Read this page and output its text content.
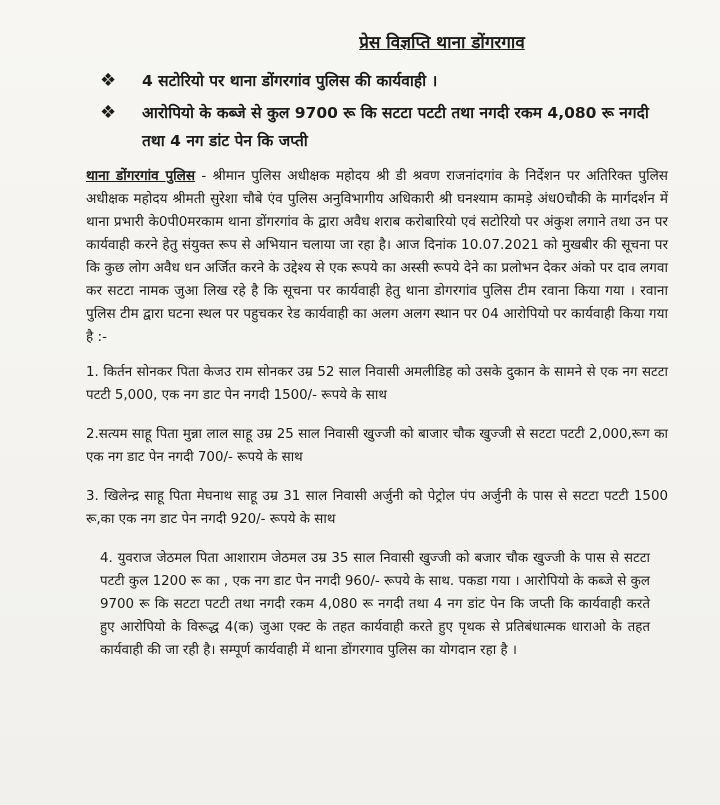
प्रेस विज्ञप्ति थाना डोंगरगाव
❖ 4 सटोरियो पर थाना डोंगरगांव पुलिस की कार्यवाही ।
❖ आरोपियो के कब्जे से कुल 9700 रू कि सटटा पटटी तथा नगदी रकम 4,080 रू नगदी तथा 4 नग डांट पेन कि जप्ती

थाना डोंगरगांव पुलिस - श्रीमान पुलिस अधीक्षक महोदय श्री डी श्रवण राजनांदगांव के निर्देशन पर अतिरिक्त पुलिस अधीक्षक महोदय श्रीमती सुरेशा चौबे एंव पुलिस अनुविभागीय अधिकारी श्री घनश्याम कामड़े अंध0चौकी के मार्गदर्शन में थाना प्रभारी के0पी0मरकाम थाना डोंगरगांव के द्वारा अवैध शराब करोबारियो एवं सटोरियो पर अंकुश लगाने तथा उन पर कार्यवाही करने हेतु संयुक्त रूप से अभियान चलाया जा रहा है। आज दिनांक 10.07.2021 को मुखबीर की सूचना पर कि कुछ लोग अवैध धन अर्जित करने के उद्देश्य से एक रूपये का अस्सी रूपये देने का प्रलोभन देकर अंको पर दाव लगवा कर सटटा नामक जुआ लिख रहे है कि सूचना पर कार्यवाही हेतु थाना डोगरगांव पुलिस टीम रवाना किया गया । रवाना पुलिस टीम द्वारा घटना स्थल पर पहुचकर रेड कार्यवाही का अलग अलग स्थान पर 04 आरोपियो पर कार्यवाही किया गया है :-

1. किर्तन सोनकर पिता केजउ राम सोनकर उम्र 52 साल निवासी अमलीडिह को उसके दुकान के सामने से एक नग सटटा पटटी 5,000, एक नग डाट पेन नगदी 1500/- रूपये के साथ
2.सत्यम साहू पिता मुन्ना लाल साहू उम्र 25 साल निवासी खुज्जी को बाजार चौक खुज्जी से सटटा पटटी 2,000,रूग का एक नग डाट पेन नगदी 700/- रूपये के साथ
3. खिलेन्द्र साहू पिता मेघनाथ साहू उम्र 31 साल निवासी अर्जुनी को पेट्रोल पंप अर्जुनी के पास से सटटा पटटी 1500 रू,का एक नग डाट पेन नगदी 920/- रूपये के साथ
4. युवराज जेठमल पिता आशाराम जेठमल उम्र 35 साल निवासी खुज्जी को बजार चौक खुज्जी के पास से सटटा पटटी कुल 1200 रू का , एक नग डाट पेन नगदी 960/- रूपये के साथ. पकडा गया । आरोपियो के कब्जे से कुल 9700 रू कि सटटा पटटी तथा नगदी रकम 4,080 रू नगदी तथा 4 नग डांट पेन कि जप्ती कि कार्यवाही करते हुए आरोपियो के विरूद्ध 4(क) जुआ एक्ट के तहत कार्यवाही करते हुए पृथक से प्रतिबंधात्मक धाराओ के तहत कार्यवाही की जा रही है। सम्पूर्ण कार्यवाही में थाना डोंगरगाव पुलिस का योगदान रहा है ।
